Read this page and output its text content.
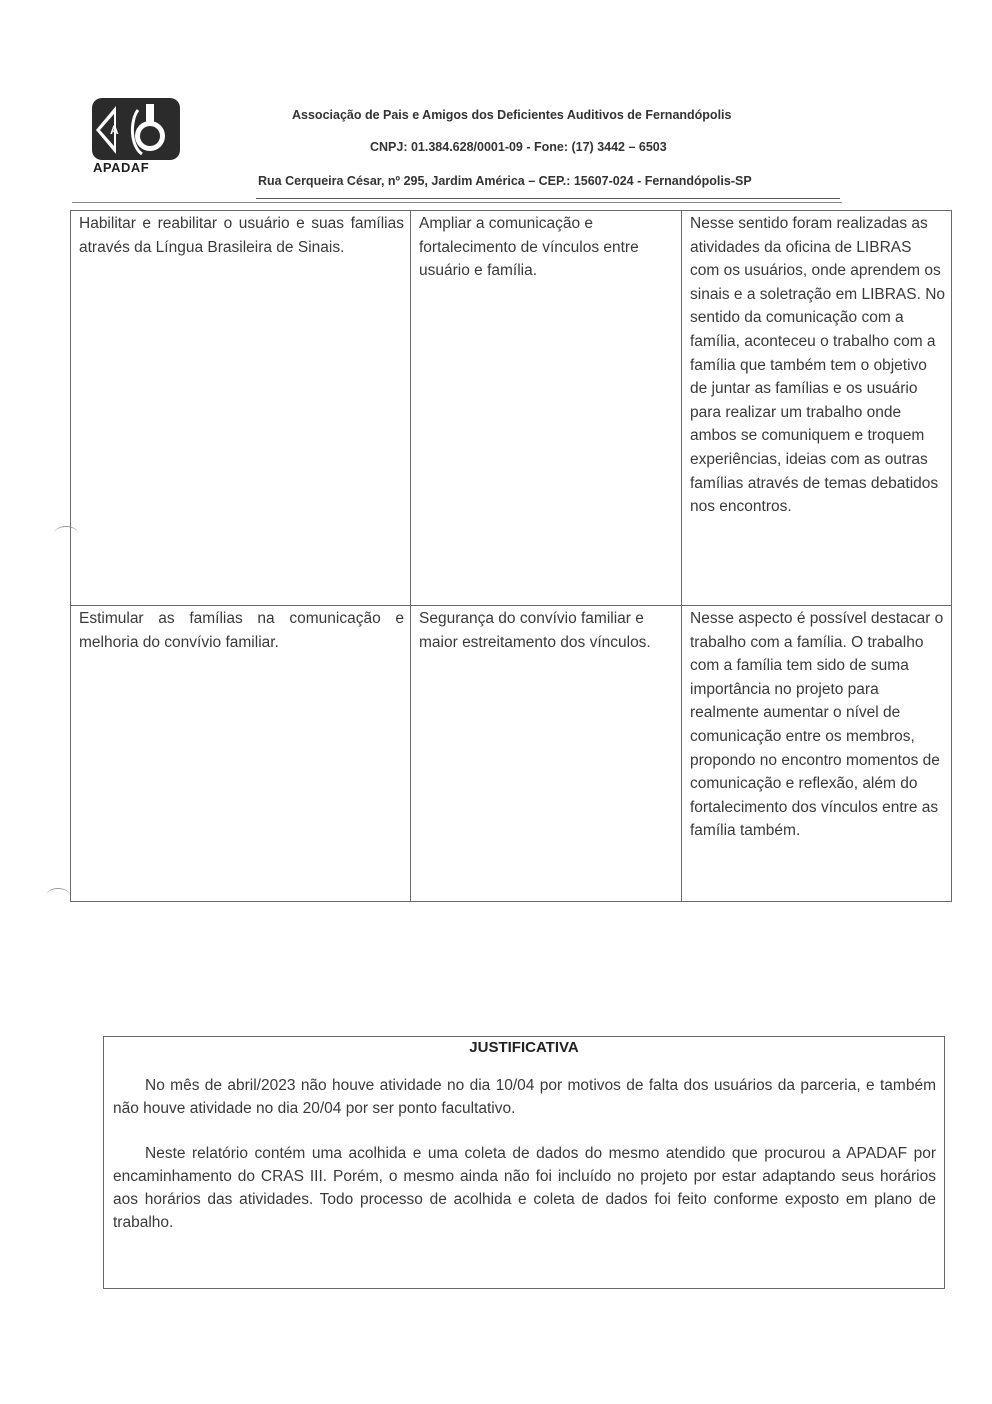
A
APADAF
Associação de Pais e Amigos dos Deficientes Auditivos de Fernandópolis
CNPJ: 01.384.628/0001-09 - Fone: (17) 3442 – 6503
Rua Cerqueira César, nº 295, Jardim América – CEP.: 15607-024 - Fernandópolis-SP
Habilitar e reabilitar o usuário e suas famílias através da Língua Brasileira de Sinais.	Ampliar a comunicação e fortalecimento de vínculos entre usuário e família.	Nesse sentido foram realizadas as atividades da oficina de LIBRAS com os usuários, onde aprendem os sinais e a soletração em LIBRAS. No sentido da comunicação com a família, aconteceu o trabalho com a família que também tem o objetivo de juntar as famílias e os usuário para realizar um trabalho onde ambos se comuniquem e troquem experiências, ideias com as outras famílias através de temas debatidos nos encontros.
Estimular as famílias na comunicação e melhoria do convívio familiar.	Segurança do convívio familiar e maior estreitamento dos vínculos.	Nesse aspecto é possível destacar o trabalho com a família. O trabalho com a família tem sido de suma importância no projeto para realmente aumentar o nível de comunicação entre os membros, propondo no encontro momentos de comunicação e reflexão, além do fortalecimento dos vínculos entre as família também.
JUSTIFICATIVA
No mês de abril/2023 não houve atividade no dia 10/04 por motivos de falta dos usuários da parceria, e também não houve atividade no dia 20/04 por ser ponto facultativo.
Neste relatório contém uma acolhida e uma coleta de dados do mesmo atendido que procurou a APADAF por encaminhamento do CRAS III. Porém, o mesmo ainda não foi incluído no projeto por estar adaptando seus horários aos horários das atividades. Todo processo de acolhida e coleta de dados foi feito conforme exposto em plano de trabalho.
